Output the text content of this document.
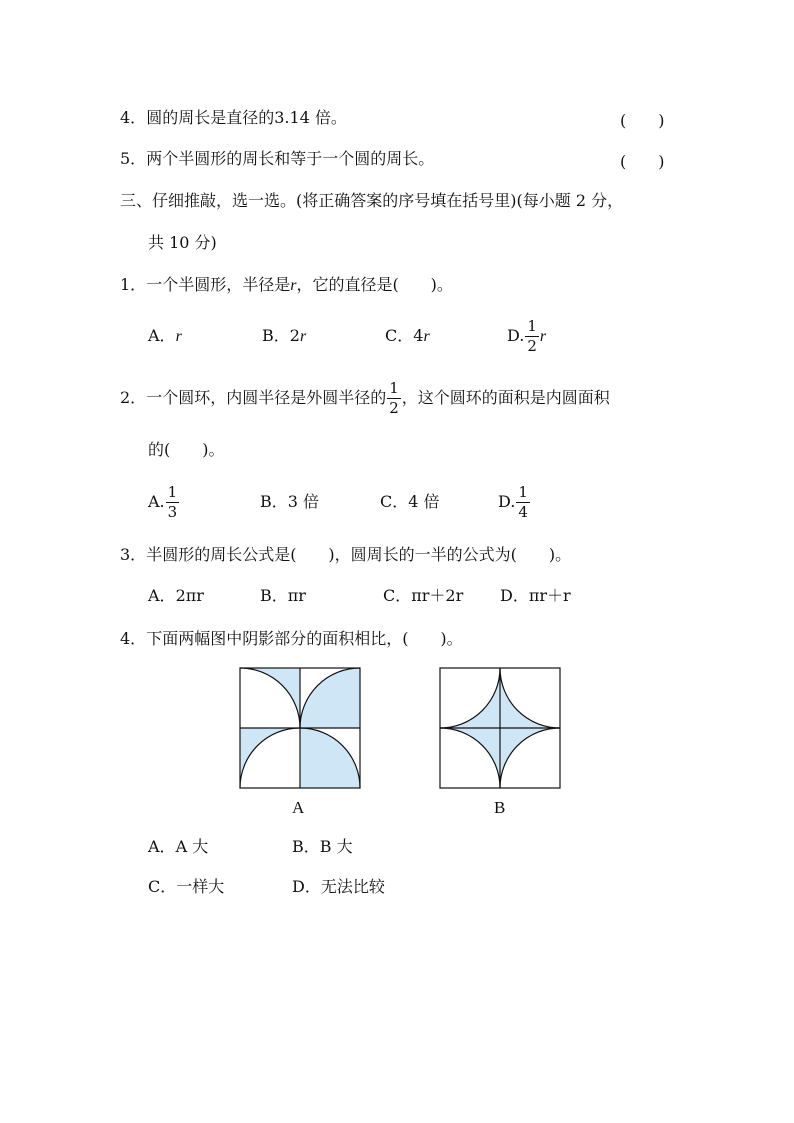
4．圆的周长是直径的3.14 倍。	(　　)
5．两个半圆形的周长和等于一个圆的周长。	(　　)
三、仔细推敲，选一选。(将正确答案的序号填在括号里)(每小题 2 分，
共 10 分)
1．一个半圆形，半径是r，它的直径是(　　)。
A．r	B．2r	C．4r	D. $\frac{1}{2}$ r
2．一个圆环，内圆半径是外圆半径的 $\frac{1}{2}$ ，这个圆环的面积是内圆面积
的(　　)。
A. $\frac{1}{3}$	B．3 倍	C．4 倍	D. $\frac{1}{4}$
3．半圆形的周长公式是(　　)，圆周长的一半的公式为(　　)。
A．2πr	B．πr	C．πr＋2r D．πr＋r
4．下面两幅图中阴影部分的面积相比，(　　)。
A	B
A．A 大	B．B 大
C．一样大	D．无法比较
